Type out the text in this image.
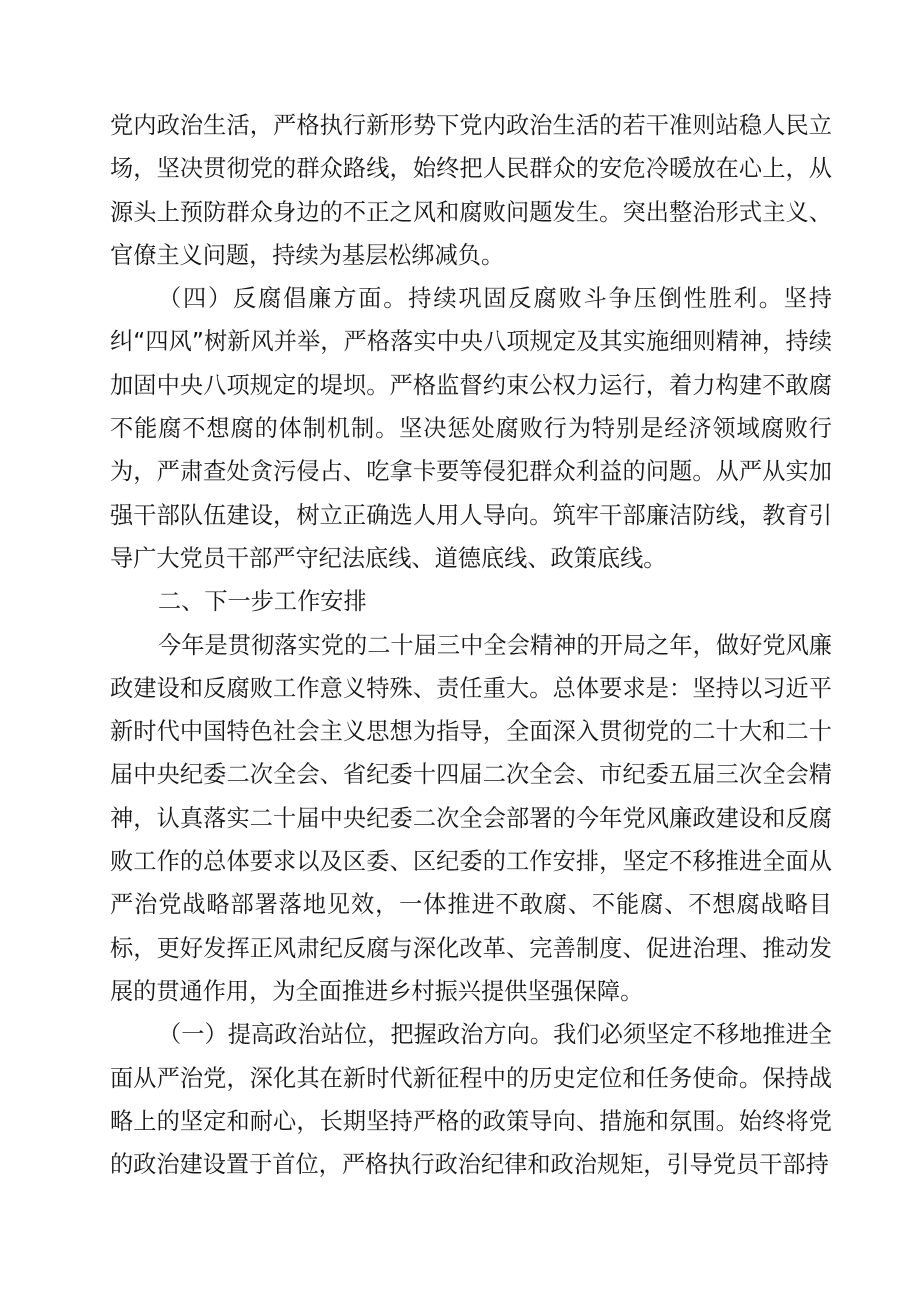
党内政治生活，严格执行新形势下党内政治生活的若干准则站稳人民立场，坚决贯彻党的群众路线，始终把人民群众的安危冷暖放在心上，从源头上预防群众身边的不正之风和腐败问题发生。突出整治形式主义、官僚主义问题，持续为基层松绑减负。

（四）反腐倡廉方面。持续巩固反腐败斗争压倒性胜利。坚持纠“四风”树新风并举，严格落实中央八项规定及其实施细则精神，持续加固中央八项规定的堤坝。严格监督约束公权力运行，着力构建不敢腐不能腐不想腐的体制机制。坚决惩处腐败行为特别是经济领域腐败行为，严肃查处贪污侵占、吃拿卡要等侵犯群众利益的问题。从严从实加强干部队伍建设，树立正确选人用人导向。筑牢干部廉洁防线，教育引导广大党员干部严守纪法底线、道德底线、政策底线。

二、下一步工作安排

今年是贯彻落实党的二十届三中全会精神的开局之年，做好党风廉政建设和反腐败工作意义特殊、责任重大。总体要求是：坚持以习近平新时代中国特色社会主义思想为指导，全面深入贯彻党的二十大和二十届中央纪委二次全会、省纪委十四届二次全会、市纪委五届三次全会精神，认真落实二十届中央纪委二次全会部署的今年党风廉政建设和反腐败工作的总体要求以及区委、区纪委的工作安排，坚定不移推进全面从严治党战略部署落地见效，一体推进不敢腐、不能腐、不想腐战略目标，更好发挥正风肃纪反腐与深化改革、完善制度、促进治理、推动发展的贯通作用，为全面推进乡村振兴提供坚强保障。

（一）提高政治站位，把握政治方向。我们必须坚定不移地推进全面从严治党，深化其在新时代新征程中的历史定位和任务使命。保持战略上的坚定和耐心，长期坚持严格的政策导向、措施和氛围。始终将党的政治建设置于首位，严格执行政治纪律和政治规矩，引导党员干部持
